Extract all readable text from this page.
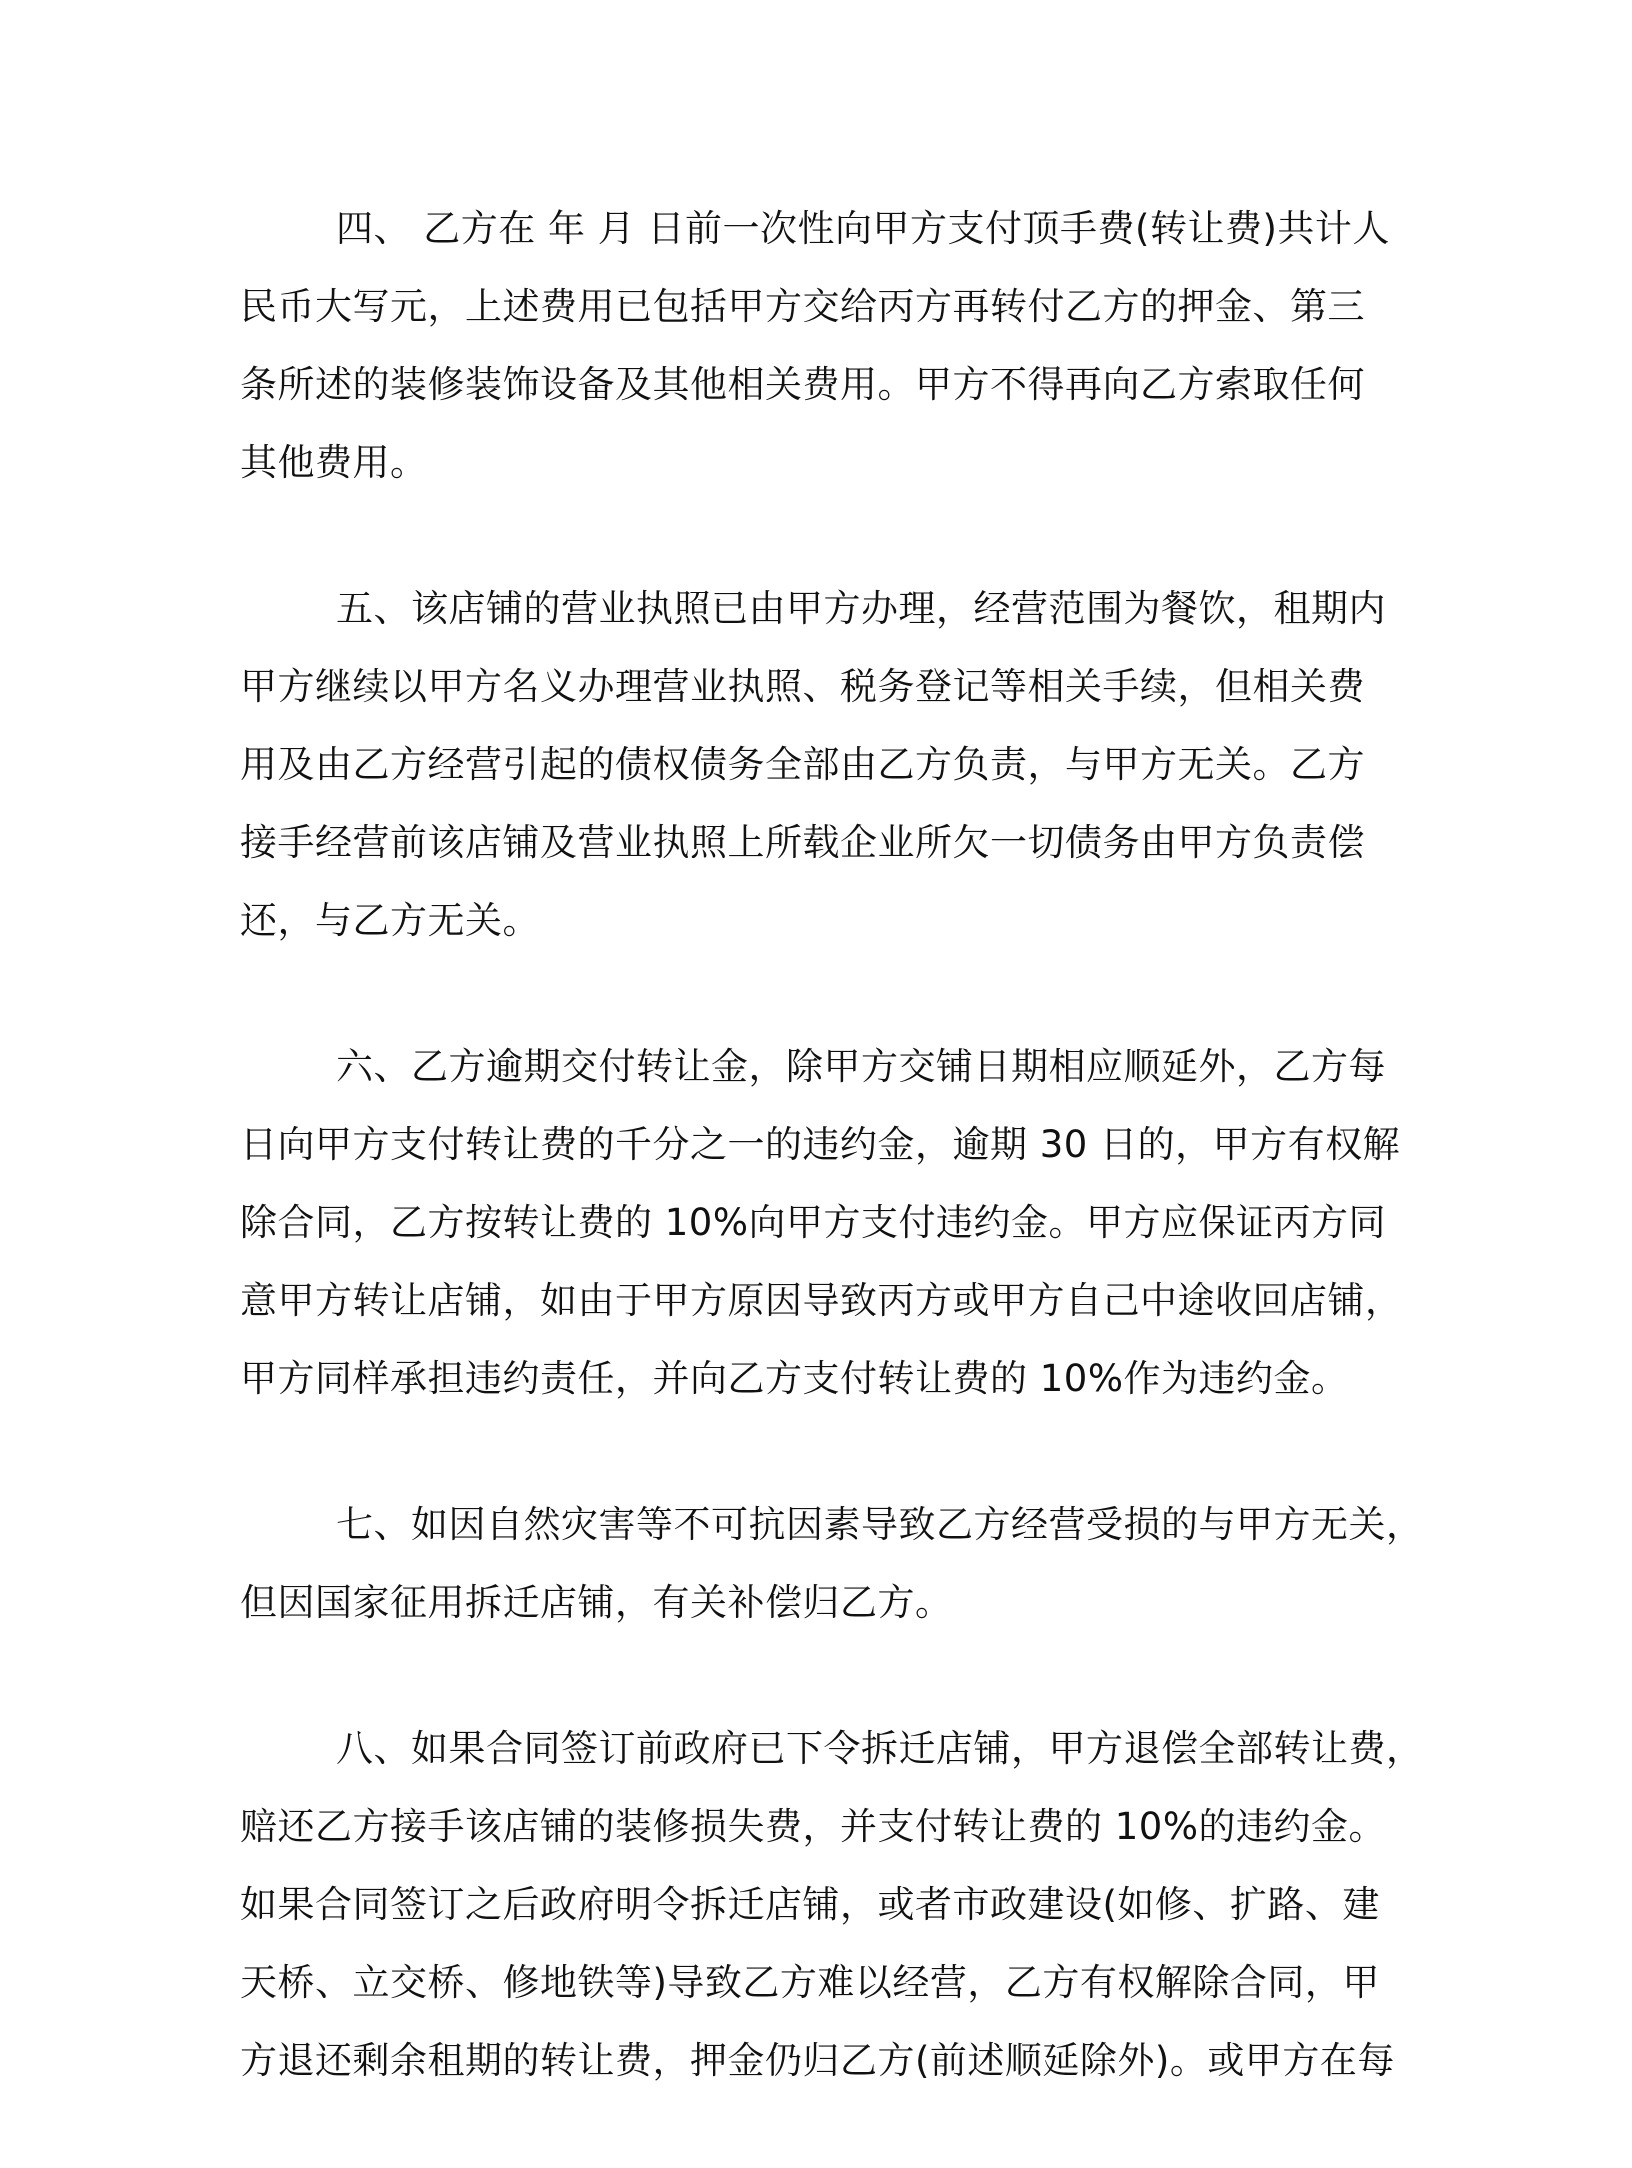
四、 乙方在 年 月 日前一次性向甲方支付顶手费(转让费)共计人
民币大写元，上述费用已包括甲方交给丙方再转付乙方的押金、第三
条所述的装修装饰设备及其他相关费用。甲方不得再向乙方索取任何
其他费用。
五、该店铺的营业执照已由甲方办理，经营范围为餐饮，租期内
甲方继续以甲方名义办理营业执照、税务登记等相关手续，但相关费
用及由乙方经营引起的债权债务全部由乙方负责，与甲方无关。乙方
接手经营前该店铺及营业执照上所载企业所欠一切债务由甲方负责偿
还，与乙方无关。
六、乙方逾期交付转让金，除甲方交铺日期相应顺延外，乙方每
日向甲方支付转让费的千分之一的违约金，逾期 30 日的，甲方有权解
除合同，乙方按转让费的 10%向甲方支付违约金。甲方应保证丙方同
意甲方转让店铺，如由于甲方原因导致丙方或甲方自己中途收回店铺，
甲方同样承担违约责任，并向乙方支付转让费的 10%作为违约金。
七、如因自然灾害等不可抗因素导致乙方经营受损的与甲方无关，
但因国家征用拆迁店铺，有关补偿归乙方。
八、如果合同签订前政府已下令拆迁店铺，甲方退偿全部转让费，
赔还乙方接手该店铺的装修损失费，并支付转让费的 10%的违约金。
如果合同签订之后政府明令拆迁店铺，或者市政建设(如修、扩路、建
天桥、立交桥、修地铁等)导致乙方难以经营，乙方有权解除合同，甲
方退还剩余租期的转让费，押金仍归乙方(前述顺延除外)。或甲方在每
